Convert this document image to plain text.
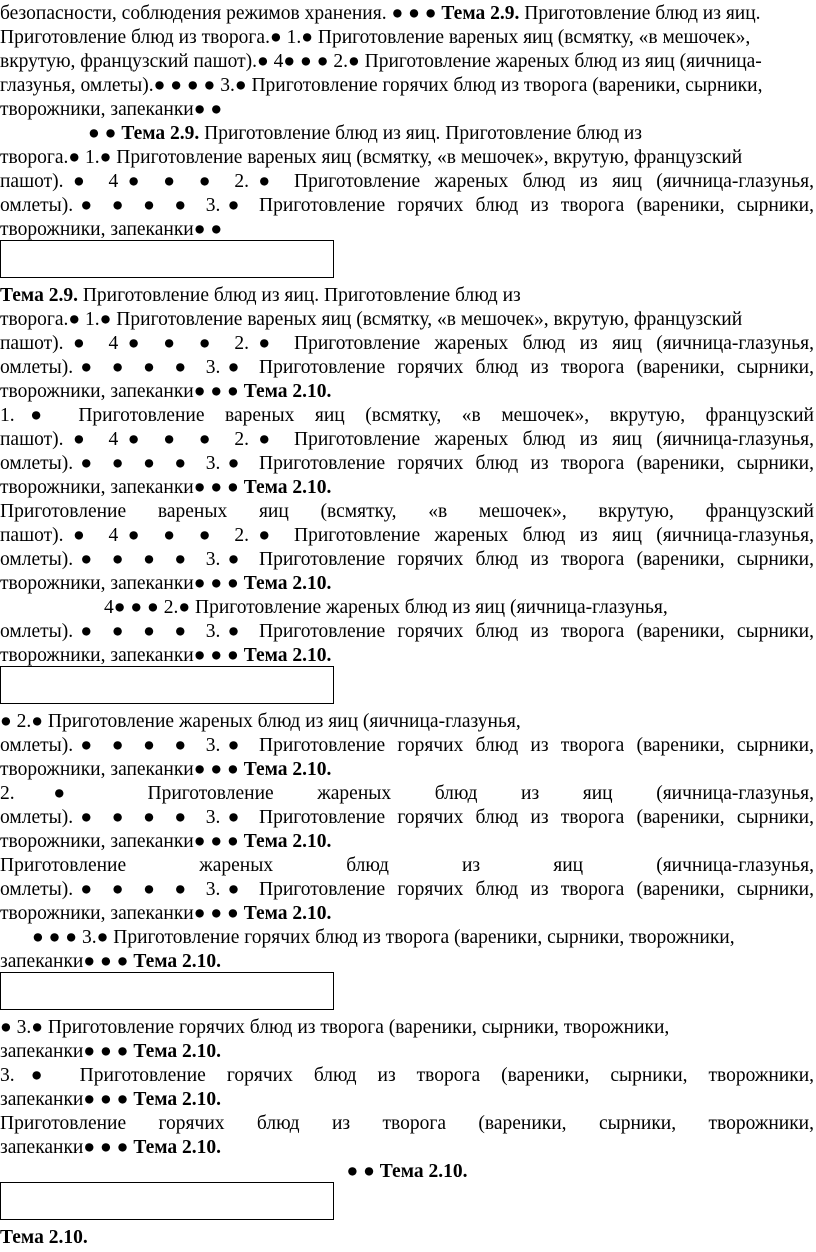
безопасности, соблюдения режимов хранения. ● ● ● Тема 2.9. Приготовление блюд из яиц.
Приготовление блюд из творога.● 1.● Приготовление вареных яиц (всмятку, «в мешочек»,
вкрутую, французский пашот).● 4● ● ● 2.● Приготовление жареных блюд из яиц (яичница-
глазунья, омлеты).● ● ● ● 3.● Приготовление горячих блюд из творога (вареники, сырники,
творожники, запеканки● ●
● ● Тема 2.9. Приготовление блюд из яиц. Приготовление блюд из
творога.● 1.● Приготовление вареных яиц (всмятку, «в мешочек», вкрутую, французский
пашот).● 4● ● ● 2.● Приготовление жареных блюд из яиц (яичница-глазунья,
омлеты).● ● ● ● 3.● Приготовление горячих блюд из творога (вареники, сырники,
творожники, запеканки● ●
Тема 2.9. Приготовление блюд из яиц. Приготовление блюд из
творога.● 1.● Приготовление вареных яиц (всмятку, «в мешочек», вкрутую, французский
пашот).● 4● ● ● 2.● Приготовление жареных блюд из яиц (яичница-глазунья,
омлеты).● ● ● ● 3.● Приготовление горячих блюд из творога (вареники, сырники,
творожники, запеканки● ● ● Тема 2.10.
1.● Приготовление вареных яиц (всмятку, «в мешочек», вкрутую, французский
пашот).● 4● ● ● 2.● Приготовление жареных блюд из яиц (яичница-глазунья,
омлеты).● ● ● ● 3.● Приготовление горячих блюд из творога (вареники, сырники,
творожники, запеканки● ● ● Тема 2.10.
Приготовление вареных яиц (всмятку, «в мешочек», вкрутую, французский
пашот).● 4● ● ● 2.● Приготовление жареных блюд из яиц (яичница-глазунья,
омлеты).● ● ● ● 3.● Приготовление горячих блюд из творога (вареники, сырники,
творожники, запеканки● ● ● Тема 2.10.
4● ● ● 2.● Приготовление жареных блюд из яиц (яичница-глазунья,
омлеты).● ● ● ● 3.● Приготовление горячих блюд из творога (вареники, сырники,
творожники, запеканки● ● ● Тема 2.10.
● 2.● Приготовление жареных блюд из яиц (яичница-глазунья,
омлеты).● ● ● ● 3.● Приготовление горячих блюд из творога (вареники, сырники,
творожники, запеканки● ● ● Тема 2.10.
2.● Приготовление жареных блюд из яиц (яичница-глазунья,
омлеты).● ● ● ● 3.● Приготовление горячих блюд из творога (вареники, сырники,
творожники, запеканки● ● ● Тема 2.10.
Приготовление жареных блюд из яиц (яичница-глазунья,
омлеты).● ● ● ● 3.● Приготовление горячих блюд из творога (вареники, сырники,
творожники, запеканки● ● ● Тема 2.10.
● ● ● 3.● Приготовление горячих блюд из творога (вареники, сырники, творожники,
запеканки● ● ● Тема 2.10.
● 3.● Приготовление горячих блюд из творога (вареники, сырники, творожники,
запеканки● ● ● Тема 2.10.
3.● Приготовление горячих блюд из творога (вареники, сырники, творожники,
запеканки● ● ● Тема 2.10.
Приготовление горячих блюд из творога (вареники, сырники, творожники,
запеканки● ● ● Тема 2.10.
● ● Тема 2.10.
Тема 2.10.
